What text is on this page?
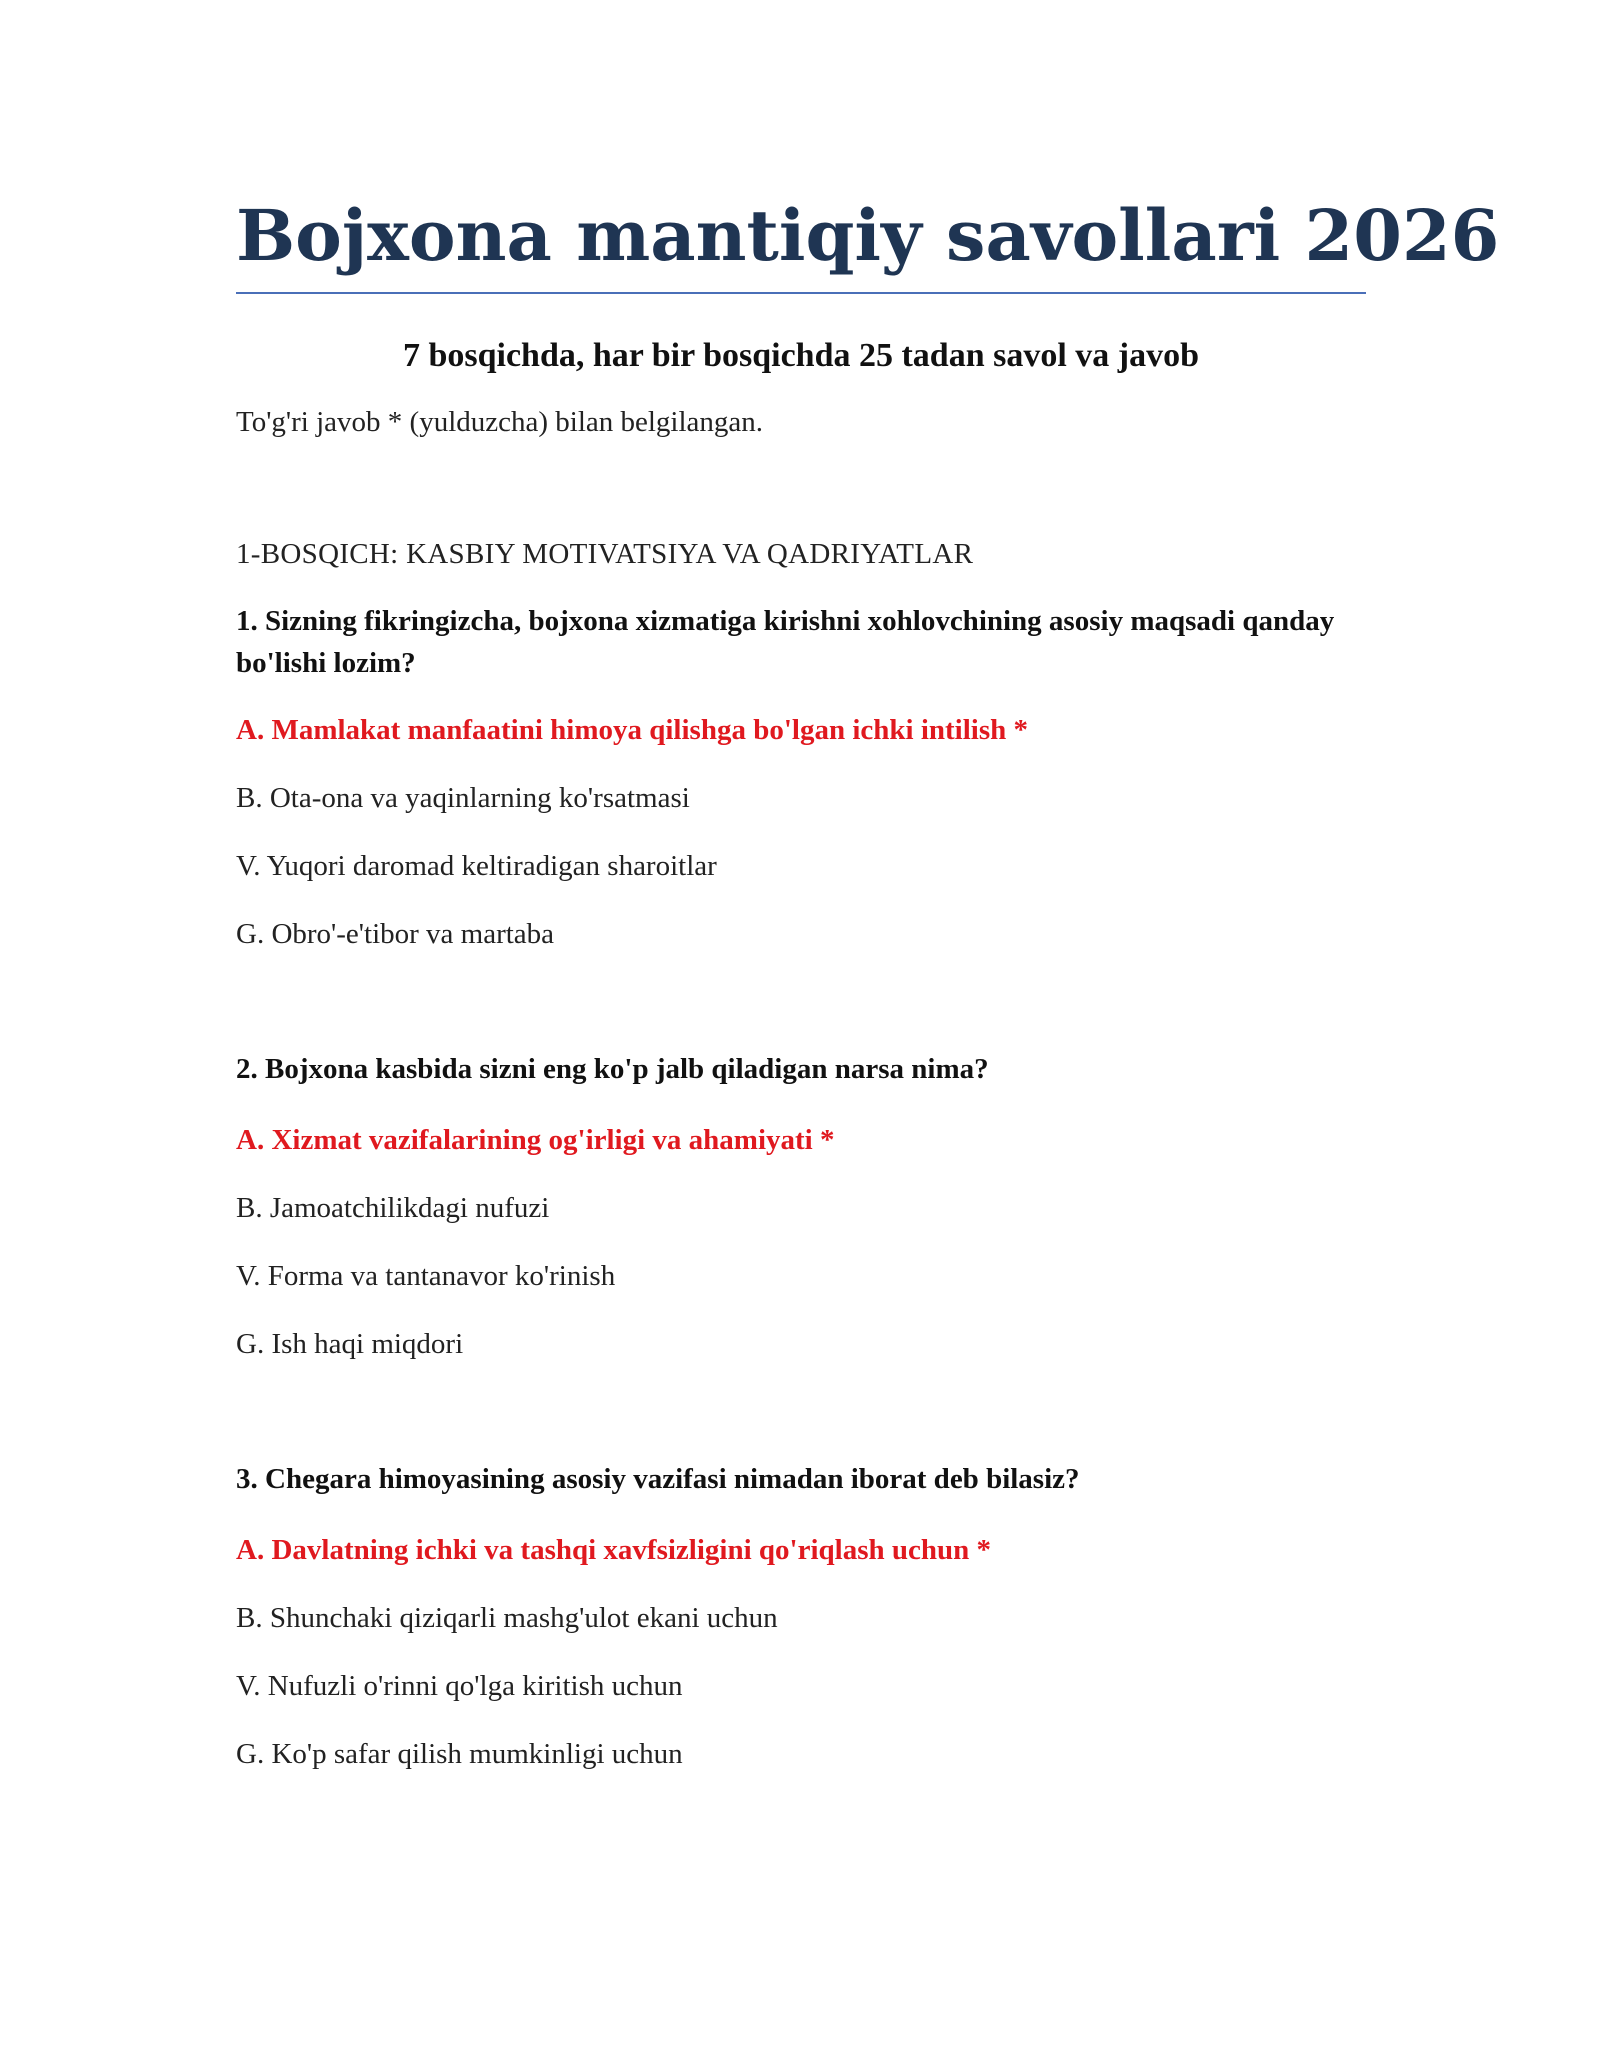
Bojxona mantiqiy savollari 2026
7 bosqichda, har bir bosqichda 25 tadan savol va javob
To'g'ri javob * (yulduzcha) bilan belgilangan.
1-BOSQICH: KASBIY MOTIVATSIYA VA QADRIYATLAR

1. Sizning fikringizcha, bojxona xizmatiga kirishni xohlovchining asosiy maqsadi qanday bo'lishi lozim?

A. Mamlakat manfaatini himoya qilishga bo'lgan ichki intilish *
B. Ota-ona va yaqinlarning ko'rsatmasi
V. Yuqori daromad keltiradigan sharoitlar
G. Obro'-e'tibor va martaba

2. Bojxona kasbida sizni eng ko'p jalb qiladigan narsa nima?

A. Xizmat vazifalarining og'irligi va ahamiyati *
B. Jamoatchilikdagi nufuzi
V. Forma va tantanavor ko'rinish
G. Ish haqi miqdori

3. Chegara himoyasining asosiy vazifasi nimadan iborat deb bilasiz?

A. Davlatning ichki va tashqi xavfsizligini qo'riqlash uchun *
B. Shunchaki qiziqarli mashg'ulot ekani uchun
V. Nufuzli o'rinni qo'lga kiritish uchun
G. Ko'p safar qilish mumkinligi uchun
